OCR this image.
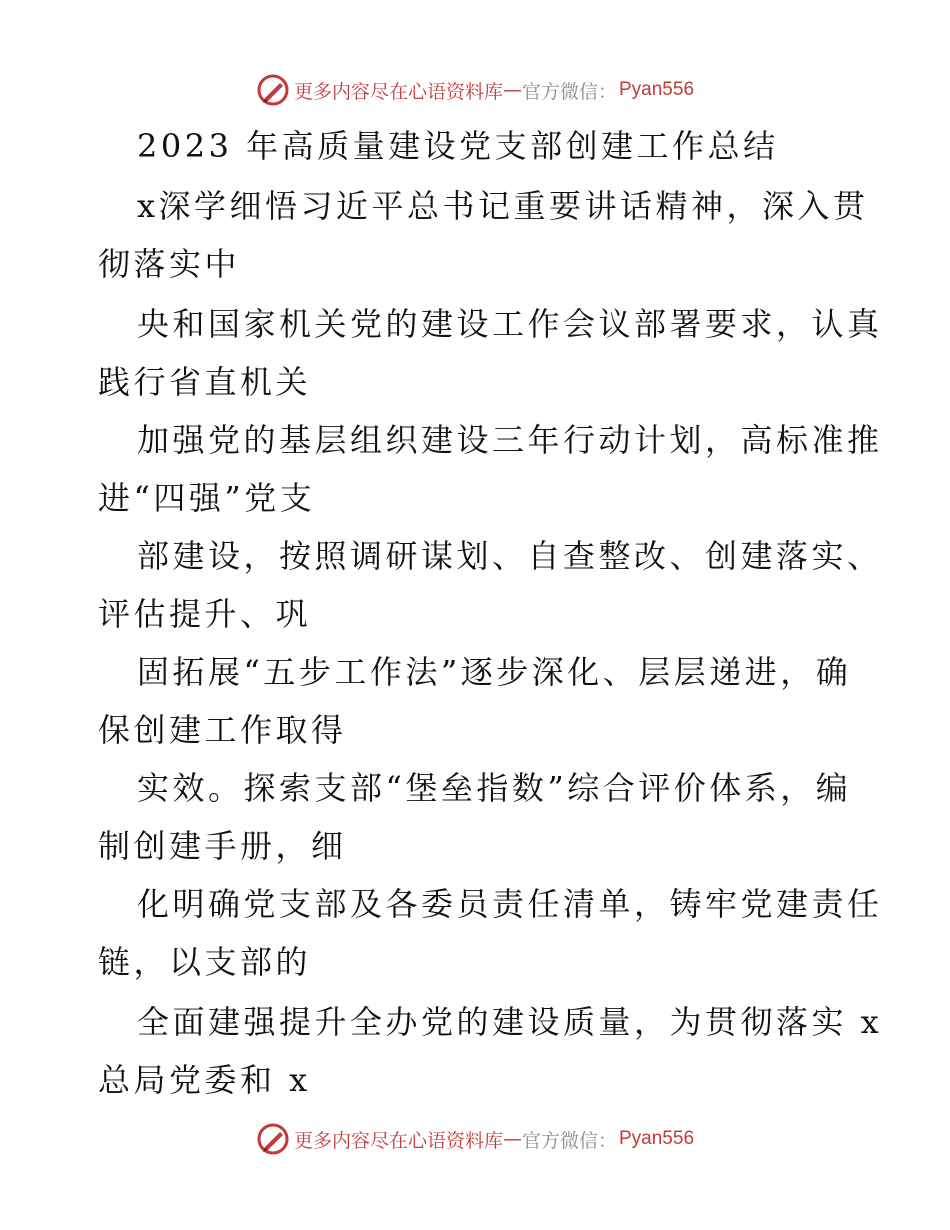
更多内容尽在心语资料库 — 官方微信： Pyan556
2023 年高质量建设党支部创建工作总结
x深学细悟习近平总书记重要讲话精神，深入贯
彻落实中
央和国家机关党的建设工作会议部署要求，认真
践行省直机关
加强党的基层组织建设三年行动计划，高标准推
进“四强”党支
部建设，按照调研谋划、自查整改、创建落实、
评估提升、巩
固拓展“五步工作法”逐步深化、层层递进，确
保创建工作取得
实效。探索支部“堡垒指数”综合评价体系，编
制创建手册，细
化明确党支部及各委员责任清单，铸牢党建责任
链，以支部的
全面建强提升全办党的建设质量，为贯彻落实 x
总局党委和 x
更多内容尽在心语资料库 — 官方微信： Pyan556
